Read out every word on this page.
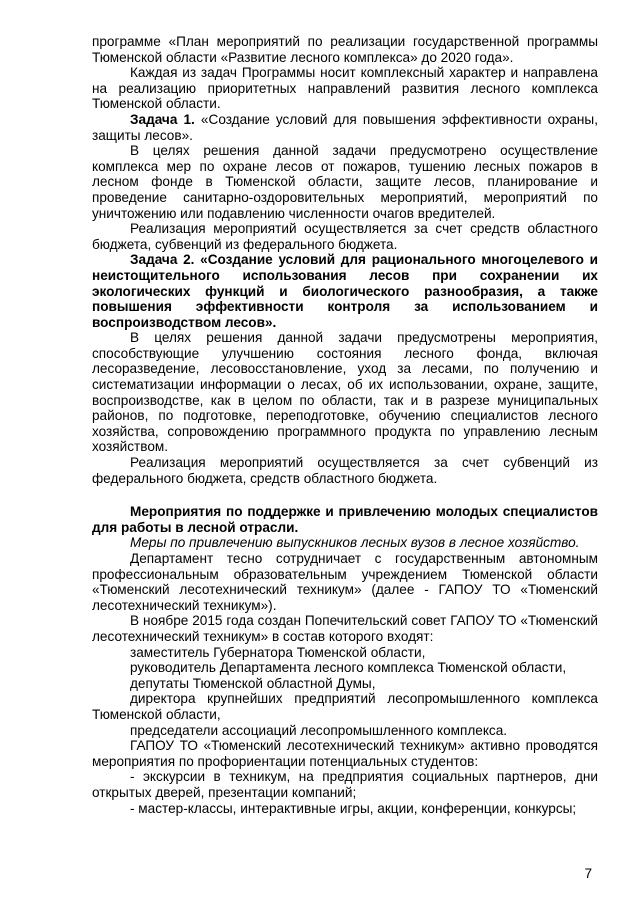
программе «План мероприятий по реализации государственной программы Тюменской области «Развитие лесного комплекса» до 2020 года».

Каждая из задач Программы носит комплексный характер и направлена на реализацию приоритетных направлений развития лесного комплекса Тюменской области.

Задача 1. «Создание условий для повышения эффективности охраны, защиты лесов».

В целях решения данной задачи предусмотрено осуществление комплекса мер по охране лесов от пожаров, тушению лесных пожаров в лесном фонде в Тюменской области, защите лесов, планирование и проведение санитарно-оздоровительных мероприятий, мероприятий по уничтожению или подавлению численности очагов вредителей.

Реализация мероприятий осуществляется за счет средств областного бюджета, субвенций из федерального бюджета.

Задача 2. «Создание условий для рационального многоцелевого и неистощительного использования лесов при сохранении их экологических функций и биологического разнообразия, а также повышения эффективности контроля за использованием и воспроизводством лесов».

В целях решения данной задачи предусмотрены мероприятия, способствующие улучшению состояния лесного фонда, включая лесоразведение, лесовосстановление, уход за лесами, по получению и систематизации информации о лесах, об их использовании, охране, защите, воспроизводстве, как в целом по области, так и в разрезе муниципальных районов, по подготовке, переподготовке, обучению специалистов лесного хозяйства, сопровождению программного продукта по управлению лесным хозяйством.

Реализация мероприятий осуществляется за счет субвенций из федерального бюджета, средств областного бюджета.

Мероприятия по поддержке и привлечению молодых специалистов для работы в лесной отрасли.

Меры по привлечению выпускников лесных вузов в лесное хозяйство.

Департамент тесно сотрудничает с государственным автономным профессиональным образовательным учреждением Тюменской области «Тюменский лесотехнический техникум» (далее - ГАПОУ ТО «Тюменский лесотехнический техникум»).

В ноябре 2015 года создан Попечительский совет ГАПОУ ТО «Тюменский лесотехнический техникум» в состав которого входят:

заместитель Губернатора Тюменской области,

руководитель Департамента лесного комплекса Тюменской области,

депутаты Тюменской областной Думы,

директора крупнейших предприятий лесопромышленного комплекса Тюменской области,

председатели ассоциаций лесопромышленного комплекса.

ГАПОУ ТО «Тюменский лесотехнический техникум» активно проводятся мероприятия по профориентации потенциальных студентов:

- экскурсии в техникум, на предприятия социальных партнеров, дни открытых дверей, презентации компаний;

- мастер-классы, интерактивные игры, акции, конференции, конкурсы;

7
